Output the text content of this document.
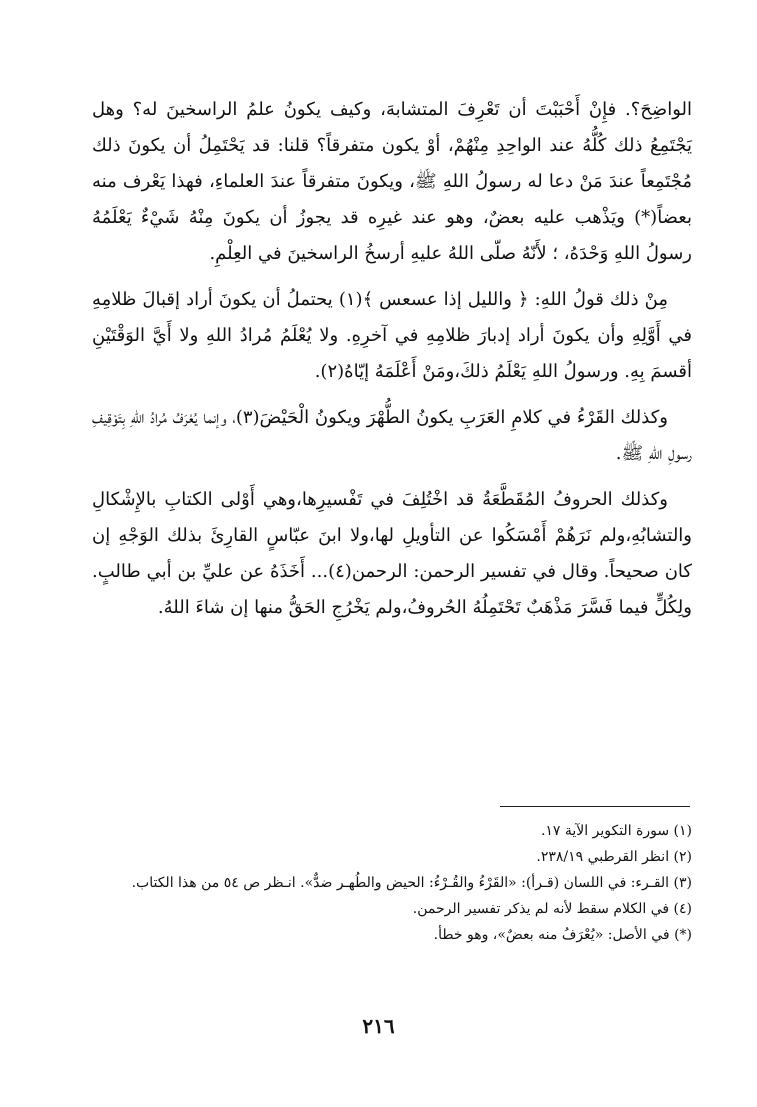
الواضِحَ؟. فإِنْ أَحْبَبْتَ أن تَعْرِفَ المتشابهَ، وكيف يكونُ علمُ الراسخينَ له؟ وهل يَجْتَمِعُ ذلك كُلُّهُ عند الواحِدِ مِنْهُمْ، أوْ يكون متفرقاً؟ قلنا: قد يَحْتَمِلُ أن يكونَ ذلك مُجْتَمِعاً عندَ مَنْ دعا له رسولُ اللهِ ﷺ، ويكونَ متفرقاً عندَ العلماءِ، فهذا يَعْرف منه بعضاً(*) ويَذْهب عليه بعضٌ، وهو عند غيرِه قد يجوزُ أن يكونَ مِنْهُ شَيْءٌ يَعْلَمُهُ رسولُ اللهِ وَحْدَهُ، ؛ لأَنّهُ صلّى اللهُ عليهِ أرسخُ الراسخينَ في العِلْمِ.

مِنْ ذلك قولُ اللهِ: ﴿ والليل إذا عسعس ﴾(١) يحتملُ أن يكونَ أراد إقبالَ ظلامِهِ في أَوَّلِهِ وأن يكونَ أراد إدبارَ ظلامِهِ في آخرِهِ. ولا يُعْلَمُ مُرادُ اللهِ ولا أَيَّ الوَقْتَيْنِ أقسمَ بِهِ. ورسولُ اللهِ يَعْلَمُ ذلكَ،ومَنْ أَعْلَمَهُ إيّاهُ(٢).

وكذلك القَرْءُ في كلامِ العَرَبِ يكونُ الطُّهْرَ ويكونُ الْحَيْضَ(٣)، وإنما يُعْرَفُ مُرادُ اللهِ بِتَوْقِيفِ رسولِ اللهِ ﷺ.

وكذلك الحروفُ المُقَطَّعَةُ قد اخْتُلِفَ في تَفْسيرِها،وهي أَوْلى الكتابِ بالإِشْكالِ والتشابُهِ،ولم نَرَهُمْ أَمْسَكُوا عن التأويلِ لها،ولا ابنَ عبّاسٍ القارِئَ بذلك الوَجْهِ إن كان صحيحاً. وقال في تفسير الرحمن: الرحمن(٤)... أَخَذَهُ عن عليِّ بن أبي طالبٍ. ولِكُلٍّ فيما فَسَّرَ مَذْهَبٌ تَحْتَمِلُهُ الحُروفُ،ولم يَخْرُجِ الحَقُّ منها إن شاءَ اللهُ.

(١) سورة التكوير الآية ١٧.

(٢) انظر القرطبي ٢٣٨/١٩.

(٣) القـرء: في اللسان (قـرأ): «القَرْءُ والقُـرْءُ: الحيض والطُهـر ضدٌّ». انـظر ص ٥٤ من هذا الكتاب.

(٤) في الكلام سقط لأنه لم يذكر تفسير الرحمن.

(*) في الأصل: «يُعْرَفُ منه بعضٌ»، وهو خطأ.

٢١٦
